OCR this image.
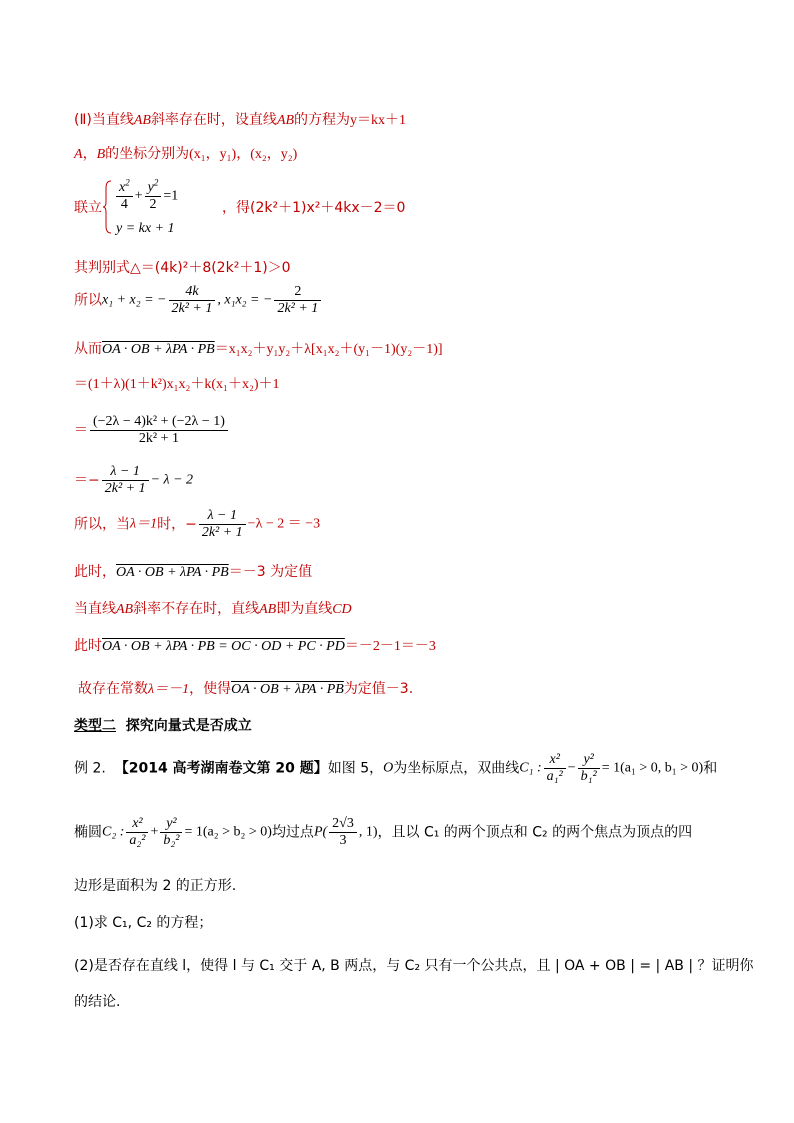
(Ⅱ)当直线AB斜率存在时，设直线AB的方程为y＝kx＋1
A，B的坐标分别为(x₁，y₁)，(x₂，y₂)
联立 $\frac{x^2}{4} + \frac{y^2}{2} =1$
y = kx + 1
，得(2k²＋1)x²＋4kx－2＝0
其判别式△＝(4k)²＋8(2k²＋1)＞0
所以x₁ + x₂ = − $\frac{4k}{\text{2k² + 1}}$ , x₁x₂ = − $\frac{2}{\text{2k² + 1}}$
从而OA · OB + λPA · PB＝x₁x₂＋y₁y₂＋λ[x₁x₂＋(y₁－1)(y₂－1)]
＝(1＋λ)(1＋k²)x₁x₂＋k(x₁＋x₂)＋1
＝ $\frac{\text{(−2λ − 4)k² + (−2λ − 1)}}{\text{2k² + 1}}$
＝− $\frac{\lambda - 1}{\text{2k² + 1}} - \lambda - 2$
所以，当λ＝1时，− $\frac{\lambda - 1}{\text{2k² + 1}} -\lambda - 2 = -3$
此时，OA · OB + λPA · PB＝－3 为定值
当直线AB斜率不存在时，直线AB即为直线CD
此时OA · OB + λPA · PB = OC · OD + PC · PD＝－2－1＝－3
故存在常数λ＝－1，使得OA · OB + λPA · PB为定值－3.
类型二 探究向量式是否成立
例 2. 【2014 高考湖南卷文第 20 题】如图 5，O为坐标原点，双曲线C₁ : $\frac{\text{x²}}{\text{a₁²}} - \frac{\text{y²}}{\text{b₁²}} = 1(a_1 > 0$, b₁ > 0)和
椭圆C₂ : $\frac{\text{x²}}{\text{a₂²}} + \frac{\text{y²}}{\text{b₂²}} = 1(a_2 > b_2 > 0)$均过点$P( \frac{2√3}{3}$ , 1)，且以 C₁ 的两个顶点和 C₂ 的两个焦点为顶点的四
边形是面积为 2 的正方形.
(1)求 C₁, C₂ 的方程；
(2)是否存在直线 l，使得 l 与 C₁ 交于 A, B 两点，与 C₂ 只有一个公共点，且 | OA + OB | = | AB | ？证明你
的结论.
